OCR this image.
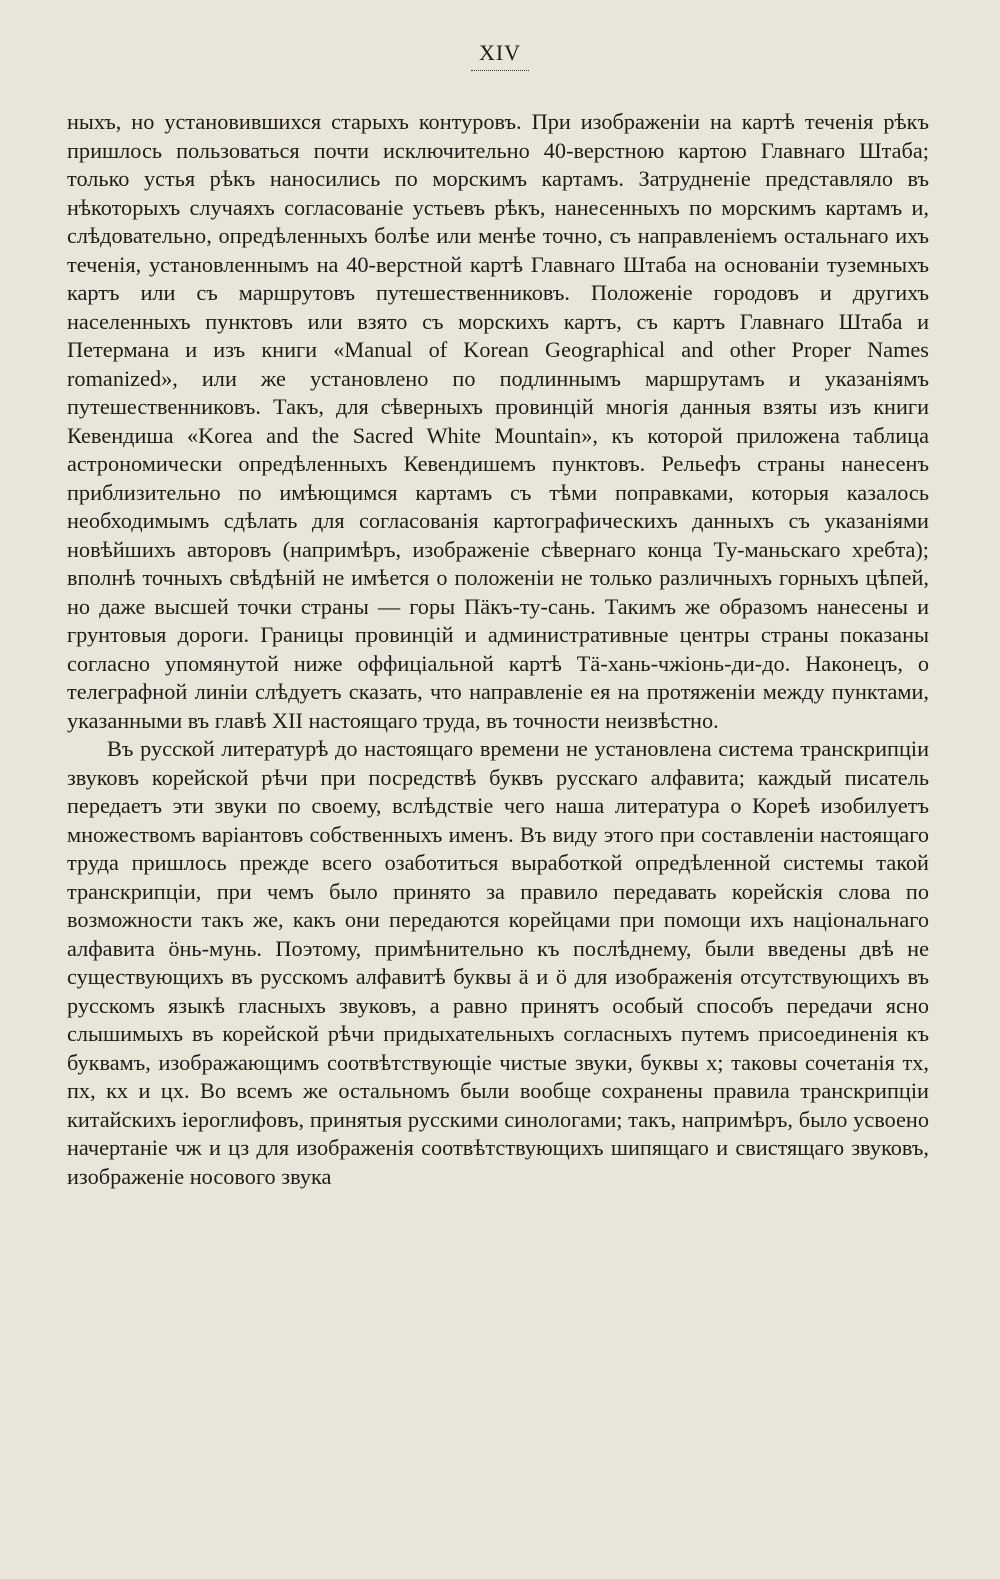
XIV

ныхъ, но установившихся старыхъ контуровъ. При изображенiи на картѣ теченiя рѣкъ пришлось пользоваться почти исключительно 40-верстною картою Главнаго Штаба; только устья рѣкъ наносились по морскимъ картамъ. Затрудненiе представляло въ нѣкоторыхъ случаяхъ согласованiе устьевъ рѣкъ, нанесенныхъ по морскимъ картамъ и, слѣдовательно, опредѣленныхъ болѣе или менѣе точно, съ направленiемъ остальнаго ихъ теченiя, установленнымъ на 40-верстной картѣ Главнаго Штаба на основанiи туземныхъ картъ или съ маршрутовъ путешественниковъ. Положенiе городовъ и другихъ населенныхъ пунктовъ или взято съ морскихъ картъ, съ картъ Главнаго Штаба и Петермана и изъ книги «Manual of Korean Geographical and other Proper Names romanized», или же установлено по подлиннымъ маршрутамъ и указанiямъ путешественниковъ. Такъ, для сѣверныхъ провинцiй многiя данныя взяты изъ книги Кевендиша «Korea and the Sacred White Mountain», къ которой приложена таблица астрономически опредѣленныхъ Кевендишемъ пунктовъ. Рельефъ страны нанесенъ приблизительно по имѣющимся картамъ съ тѣми поправками, которыя казалось необходимымъ сдѣлать для согласованiя картографическихъ данныхъ съ указанiями новѣйшихъ авторовъ (напримѣръ, изображенiе сѣвернаго конца Ту-маньскаго хребта); вполнѣ точныхъ свѣдѣнiй не имѣется о положенiи не только различныхъ горныхъ цѣпей, но даже высшей точки страны — горы Пäкъ-ту-сань. Такимъ же образомъ нанесены и грунтовыя дороги. Границы провинцiй и административные центры страны показаны согласно упомянутой ниже оффицiальной картѣ Тä-хань-чжiонь-ди-до. Наконецъ, о телеграфной линiи слѣдуетъ сказать, что направленiе ея на протяженiи между пунктами, указанными въ главѣ XII настоящаго труда, въ точности неизвѣстно.

Въ русской литературѣ до настоящаго времени не установлена система транскрипцiи звуковъ корейской рѣчи при посредствѣ буквъ русскаго алфавита; каждый писатель передаетъ эти звуки по своему, вслѣдствiе чего наша литература о Кореѣ изобилуетъ множествомъ варiантовъ собственныхъ именъ. Въ виду этого при составленiи настоящаго труда пришлось прежде всего озаботиться выработкой опредѣленной системы такой транскрипцiи, при чемъ было принято за правило передавать корейскiя слова по возможности такъ же, какъ они передаются корейцами при помощи ихъ нацiональнаго алфавита öнь-мунь. Поэтому, примѣнительно къ послѣднему, были введены двѣ не существующихъ въ русскомъ алфавитѣ буквы ä и ö для изображенiя отсутствующихъ въ русскомъ языкѣ гласныхъ звуковъ, а равно принятъ особый способъ передачи ясно слышимыхъ въ корейской рѣчи придыхательныхъ согласныхъ путемъ присоединенiя къ буквамъ, изображающимъ соотвѣтствующiе чистые звуки, буквы х; таковы сочетанiя тх, пх, кх и цх. Во всемъ же остальномъ были вообще сохранены правила транскрипцiи китайскихъ iероглифовъ, принятыя русскими синологами; такъ, напримѣръ, было усвоено начертанiе чж и цз для изображенiя соотвѣтствующихъ шипящаго и свистящаго звуковъ, изображенiе носового звука
